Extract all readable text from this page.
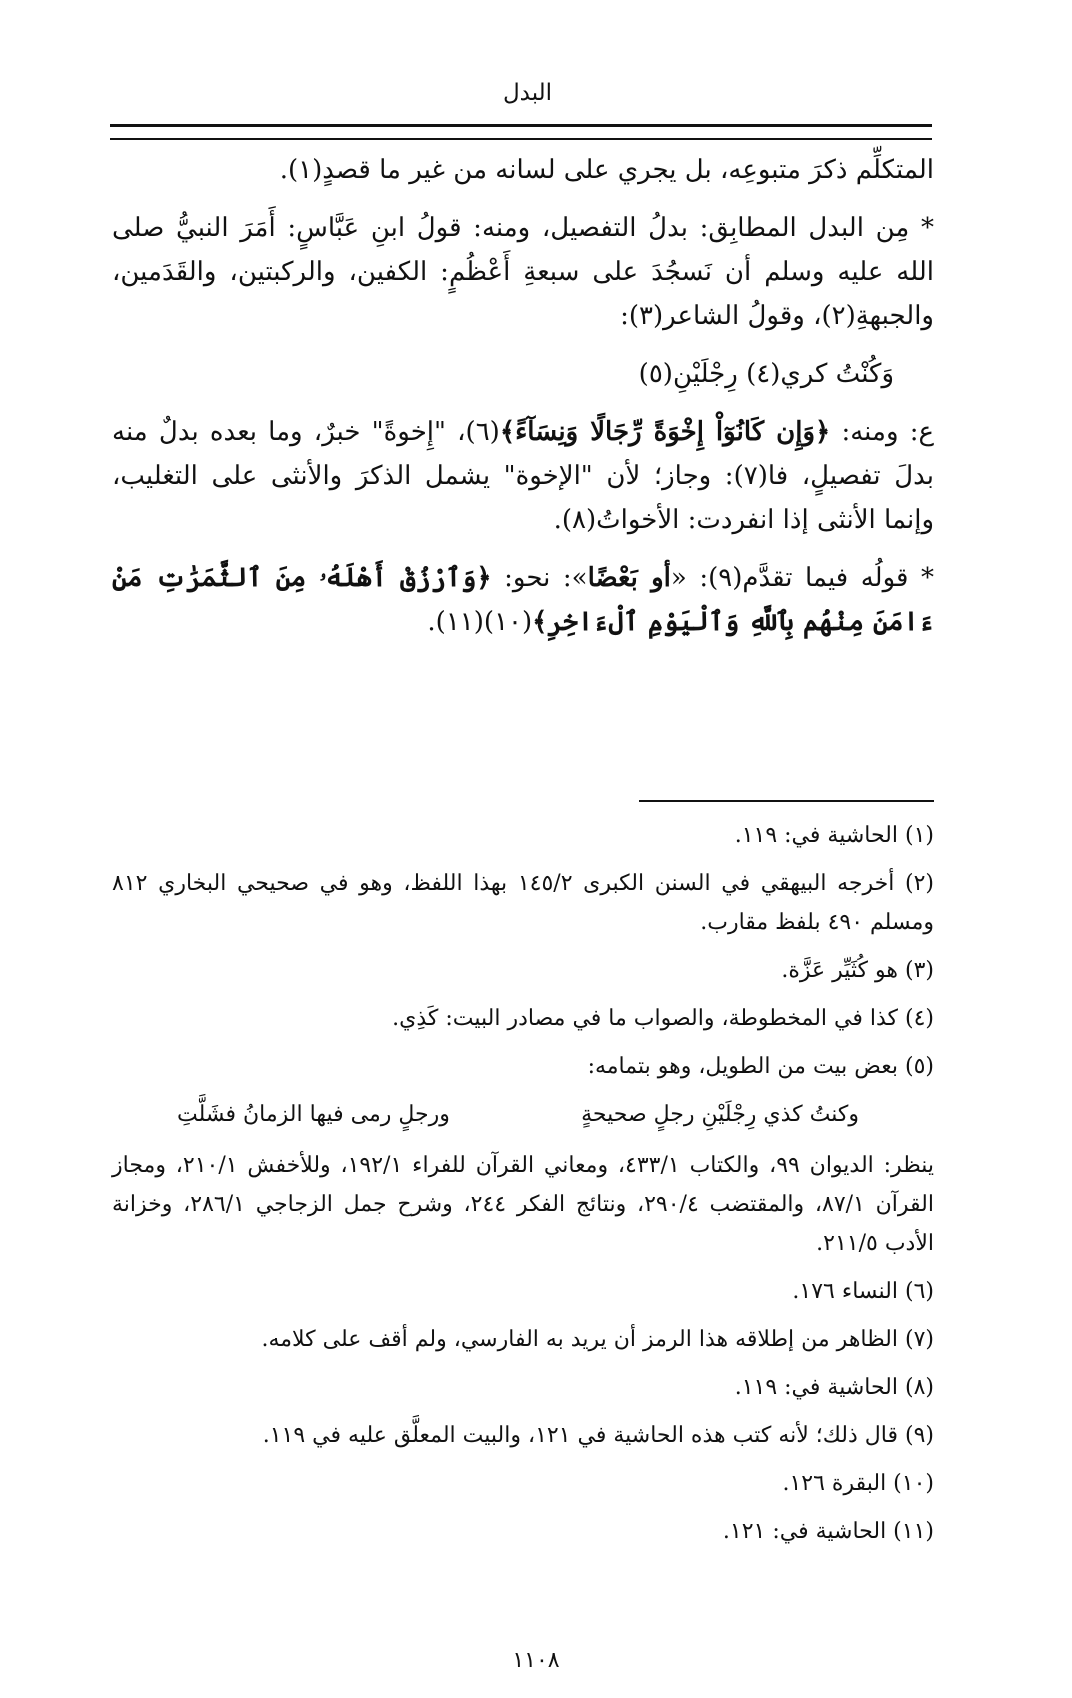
البدل

المتكلِّم ذكرَ متبوعِه، بل يجري على لسانه من غير ما قصدٍ(١).

* مِن البدل المطابِق: بدلُ التفصيل، ومنه: قولُ ابنِ عَبَّاسٍ: أَمَرَ النبيُّ صلى الله عليه وسلم أن نَسجُدَ على سبعةِ أَعْظُمٍ: الكفين، والركبتين، والقَدَمين، والجبهةِ(٢)، وقولُ الشاعر(٣):

وَكُنْتُ كري(٤) رِجْلَيْنِ(٥)

ع: ومنه: ﴿وَإِن كَانُوٓاْ إِخْوَةً رِّجَالًا وَنِسَآءً﴾(٦)، "إِخوةً" خبرٌ، وما بعده بدلٌ منه بدلَ تفصيلٍ، فا(٧): وجاز؛ لأن "الإخوة" يشمل الذكرَ والأنثى على التغليب، وإنما الأنثى إذا انفردت: الأخواتُ(٨).

* قولُه فيما تقدَّم(٩): «أو بَعْضًا»: نحو: ﴿وَٱرْزُقْ أَهْلَهُۥ مِنَ ٱلثَّمَرَٰتِ مَنْ ءَامَنَ مِنْهُم بِٱللَّهِ وَٱلْيَوْمِ ٱلْءَاخِرِ﴾(١٠)(١١).

(١) الحاشية في: ١١٩.

(٢) أخرجه البيهقي في السنن الكبرى ١٤٥/٢ بهذا اللفظ، وهو في صحيحي البخاري ٨١٢ ومسلم ٤٩٠ بلفظ مقارب.

(٣) هو كُثَيِّر عَزَّة.

(٤) كذا في المخطوطة، والصواب ما في مصادر البيت: كَذِي.

(٥) بعض بيت من الطويل، وهو بتمامه:

وكنتُ كذي رِجْلَيْنِ رجلٍ صحيحةٍ
ورجلٍ رمى فيها الزمانُ فشَلَّتِ

ينظر: الديوان ٩٩، والكتاب ٤٣٣/١، ومعاني القرآن للفراء ١٩٢/١، وللأخفش ٢١٠/١، ومجاز القرآن ٨٧/١، والمقتضب ٢٩٠/٤، ونتائج الفكر ٢٤٤، وشرح جمل الزجاجي ٢٨٦/١، وخزانة الأدب ٢١١/٥.

(٦) النساء ١٧٦.

(٧) الظاهر من إطلاقه هذا الرمز أن يريد به الفارسي، ولم أقف على كلامه.

(٨) الحاشية في: ١١٩.

(٩) قال ذلك؛ لأنه كتب هذه الحاشية في ١٢١، والبيت المعلَّق عليه في ١١٩.

(١٠) البقرة ١٢٦.

(١١) الحاشية في: ١٢١.

١١٠٨
